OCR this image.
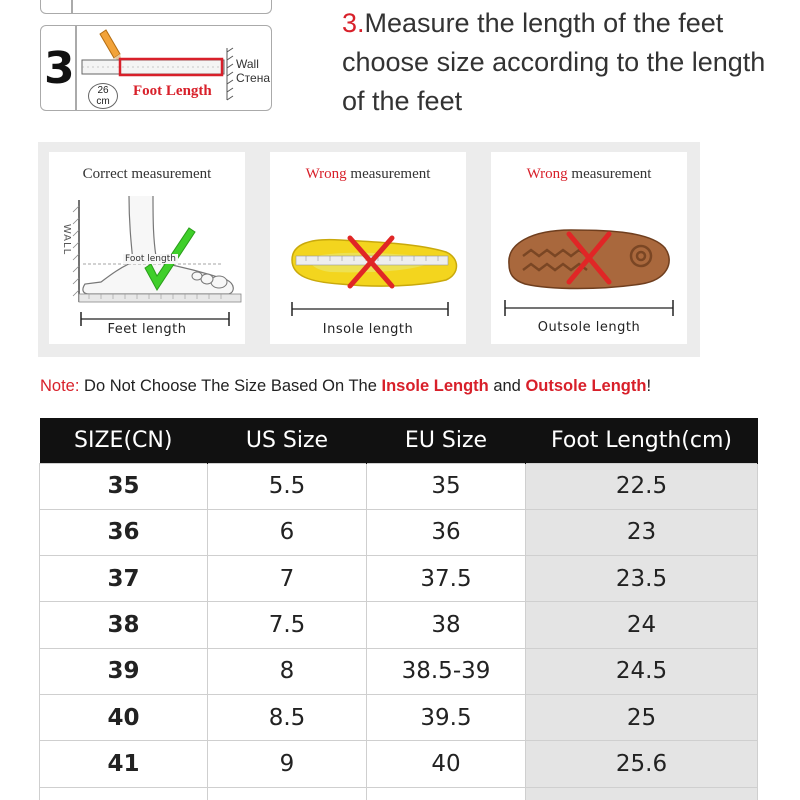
3	Wall
Стена
26
cm
Foot Length
3.Measure the length of the feet choose size according to the length of the feet
Correct measurement
WALL
Foot length
Feet length
Wrong measurement
Insole length
Wrong measurement
Outsole length
Note: Do Not Choose The Size Based On The Insole Length and Outsole Length!
SIZE(CN)	US Size	EU Size	Foot Length(cm)
35	5.5	35	22.5
36	6	36	23
37	7	37.5	23.5
38	7.5	38	24
39	8	38.5-39	24.5
40	8.5	39.5	25
41	9	40	25.6
